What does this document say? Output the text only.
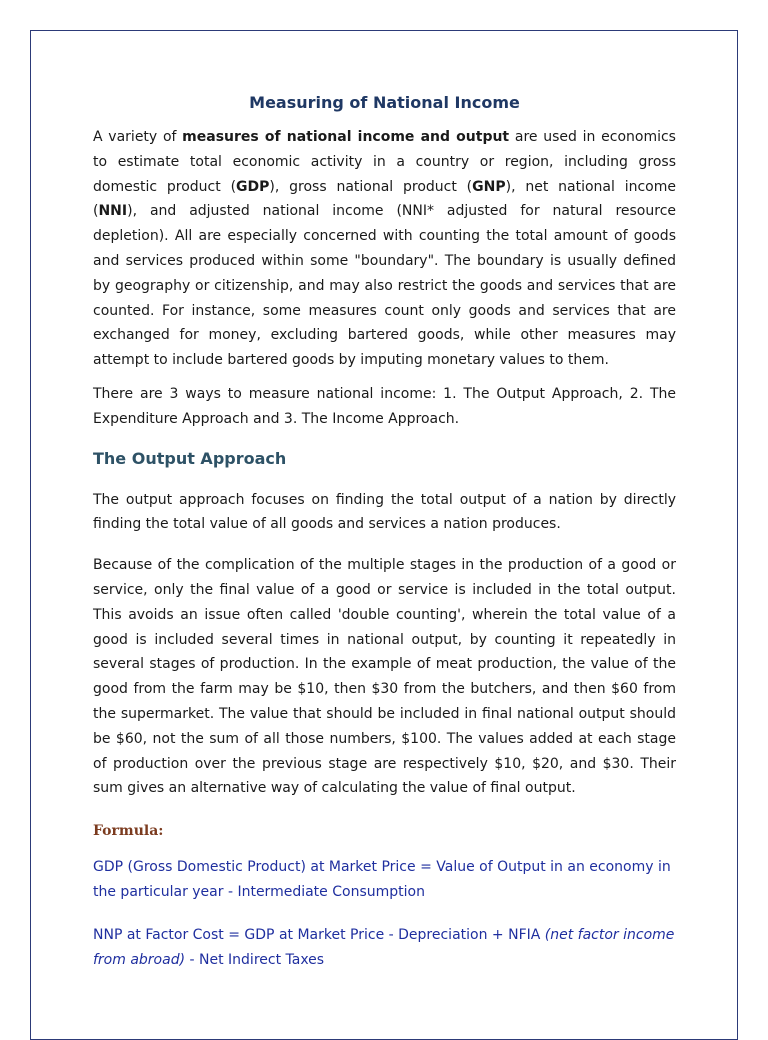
Measuring of National Income

A variety of measures of national income and output are used in economics to estimate total economic activity in a country or region, including gross domestic product (GDP), gross national product (GNP), net national income (NNI), and adjusted national income (NNI* adjusted for natural resource depletion). All are especially concerned with counting the total amount of goods and services produced within some "boundary". The boundary is usually defined by geography or citizenship, and may also restrict the goods and services that are counted. For instance, some measures count only goods and services that are exchanged for money, excluding bartered goods, while other measures may attempt to include bartered goods by imputing monetary values to them.

There are 3 ways to measure national income: 1. The Output Approach, 2. The Expenditure Approach and 3. The Income Approach.

The Output Approach

The output approach focuses on finding the total output of a nation by directly finding the total value of all goods and services a nation produces.

Because of the complication of the multiple stages in the production of a good or service, only the final value of a good or service is included in the total output. This avoids an issue often called 'double counting', wherein the total value of a good is included several times in national output, by counting it repeatedly in several stages of production. In the example of meat production, the value of the good from the farm may be $10, then $30 from the butchers, and then $60 from the supermarket. The value that should be included in final national output should be $60, not the sum of all those numbers, $100. The values added at each stage of production over the previous stage are respectively $10, $20, and $30. Their sum gives an alternative way of calculating the value of final output.

Formula:

GDP (Gross Domestic Product) at Market Price = Value of Output in an economy in the particular year - Intermediate Consumption

NNP at Factor Cost = GDP at Market Price - Depreciation + NFIA (net factor income from abroad) - Net Indirect Taxes
